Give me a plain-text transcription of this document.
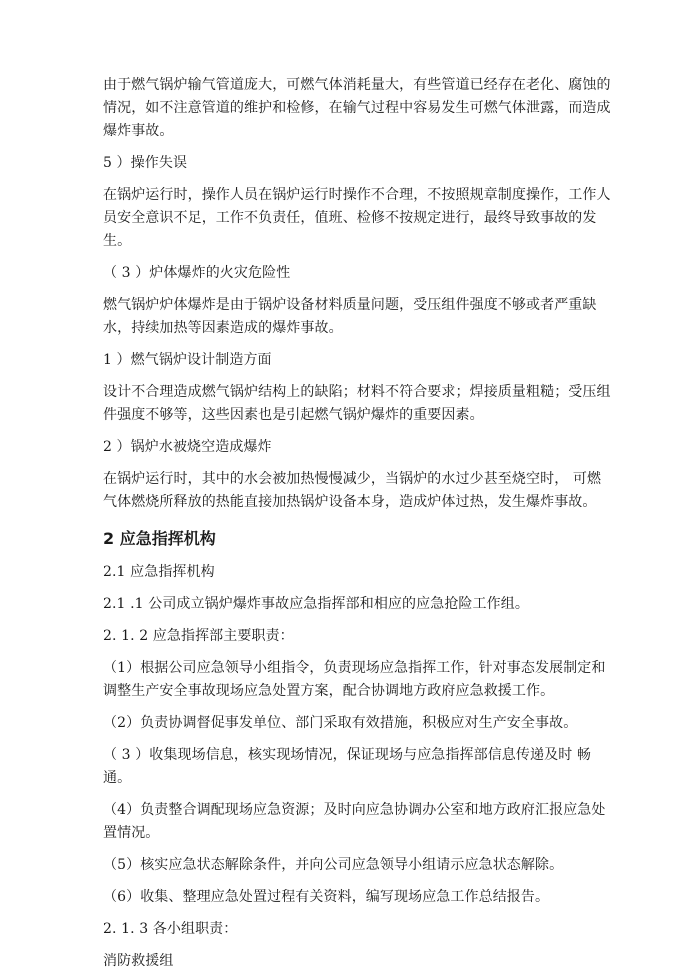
由于燃气锅炉输气管道庞大，可燃气体消耗量大，有些管道已经存在老化、腐蚀的情况，如不注意管道的维护和检修，在输气过程中容易发生可燃气体泄露，而造成爆炸事故。

5 ）操作失误

在锅炉运行时，操作人员在锅炉运行时操作不合理，不按照规章制度操作，工作人员安全意识不足，工作不负责任，值班、检修不按规定进行，最终导致事故的发生。

（ 3 ）炉体爆炸的火灾危险性

燃气锅炉炉体爆炸是由于锅炉设备材料质量问题，受压组件强度不够或者严重缺水，持续加热等因素造成的爆炸事故。

1 ）燃气锅炉设计制造方面

设计不合理造成燃气锅炉结构上的缺陷；材料不符合要求；焊接质量粗糙；受压组件强度不够等，这些因素也是引起燃气锅炉爆炸的重要因素。

2 ）锅炉水被烧空造成爆炸

在锅炉运行时，其中的水会被加热慢慢减少，当锅炉的水过少甚至烧空时， 可燃气体燃烧所释放的热能直接加热锅炉设备本身，造成炉体过热，发生爆炸事故。

2 应急指挥机构

2.1 应急指挥机构

2.1 .1 公司成立锅炉爆炸事故应急指挥部和相应的应急抢险工作组。

2. 1. 2 应急指挥部主要职责：

（1）根据公司应急领导小组指令，负责现场应急指挥工作，针对事态发展制定和调整生产安全事故现场应急处置方案，配合协调地方政府应急救援工作。

（2）负责协调督促事发单位、部门采取有效措施，积极应对生产安全事故。

（ 3 ）收集现场信息，核实现场情况，保证现场与应急指挥部信息传递及时 畅通。

（4）负责整合调配现场应急资源；及时向应急协调办公室和地方政府汇报应急处置情况。

（5）核实应急状态解除条件，并向公司应急领导小组请示应急状态解除。

（6）收集、整理应急处置过程有关资料，编写现场应急工作总结报告。

2. 1. 3 各小组职责：

消防救援组
